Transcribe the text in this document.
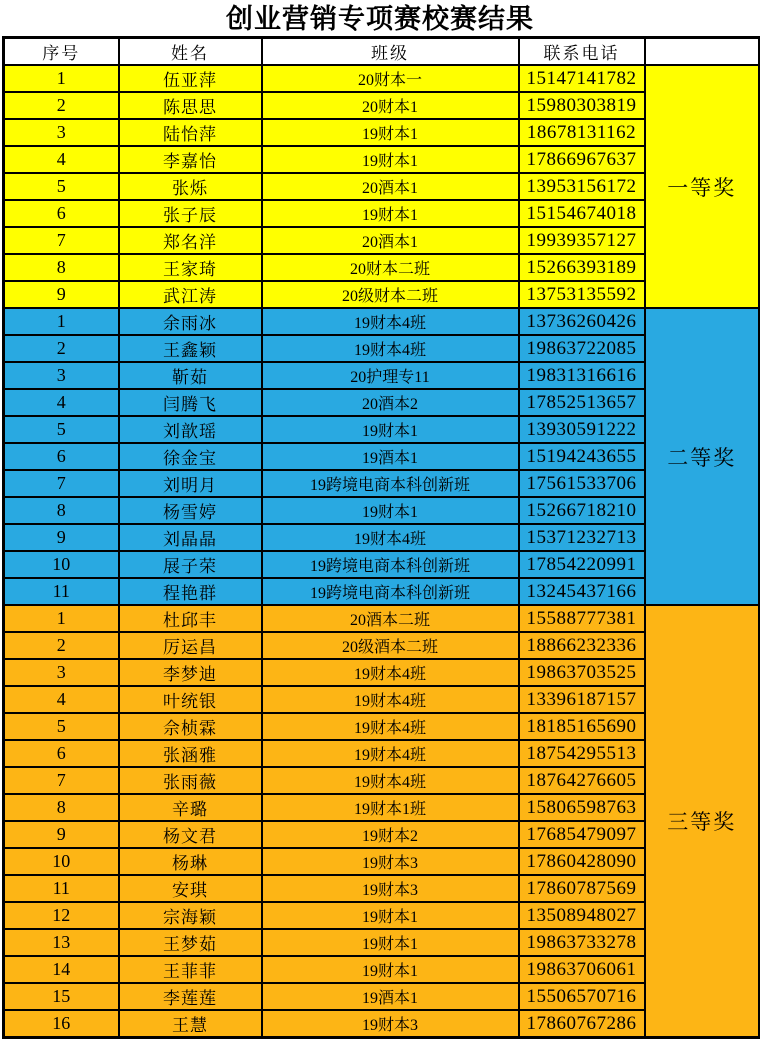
创业营销专项赛校赛结果
序号	姓名	班级	联系电话	
1	伍亚萍	20财本一	15147141782	一等奖
2	陈思思	20财本1	15980303819	
3	陆怡萍	19财本1	18678131162	
4	李嘉怡	19财本1	17866967637	
5	张烁	20酒本1	13953156172	
6	张子辰	19财本1	15154674018	
7	郑名洋	20酒本1	19939357127	
8	王家琦	20财本二班	15266393189	
9	武江涛	20级财本二班	13753135592	
1	余雨冰	19财本4班	13736260426	二等奖
2	王鑫颖	19财本4班	19863722085	
3	靳茹	20护理专11	19831316616	
4	闫腾飞	20酒本2	17852513657	
5	刘歆瑶	19财本1	13930591222	
6	徐金宝	19酒本1	15194243655	
7	刘明月	19跨境电商本科创新班	17561533706	
8	杨雪婷	19财本1	15266718210	
9	刘晶晶	19财本4班	15371232713	
10	展子荣	19跨境电商本科创新班	17854220991	
11	程艳群	19跨境电商本科创新班	13245437166	
1	杜邱丰	20酒本二班	15588777381	三等奖
2	厉运昌	20级酒本二班	18866232336	
3	李梦迪	19财本4班	19863703525	
4	叶统银	19财本4班	13396187157	
5	佘桢霖	19财本4班	18185165690	
6	张涵雅	19财本4班	18754295513	
7	张雨薇	19财本4班	18764276605	
8	辛璐	19财本1班	15806598763	
9	杨文君	19财本2	17685479097	
10	杨琳	19财本3	17860428090	
11	安琪	19财本3	17860787569	
12	宗海颖	19财本1	13508948027	
13	王梦茹	19财本1	19863733278	
14	王菲菲	19财本1	19863706061	
15	李莲莲	19酒本1	15506570716	
16	王慧	19财本3	17860767286	
